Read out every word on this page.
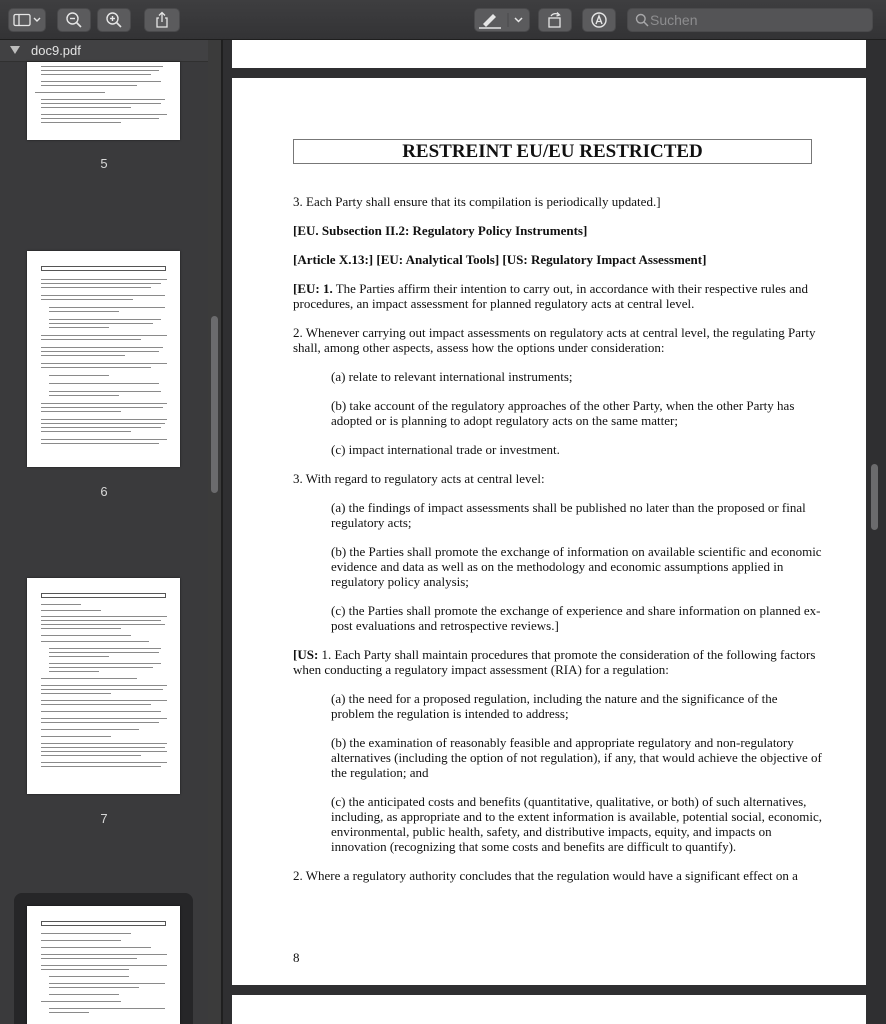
Suchen
doc9.pdf
5
6
7
RESTREINT EU/EU RESTRICTED

3. Each Party shall ensure that its compilation is periodically updated.]

[EU. Subsection II.2: Regulatory Policy Instruments]

[Article X.13:] [EU: Analytical Tools] [US: Regulatory Impact Assessment]

[EU: 1. The Parties affirm their intention to carry out, in accordance with their respective rules and procedures, an impact assessment for planned regulatory acts at central level.

2. Whenever carrying out impact assessments on regulatory acts at central level, the regulating Party shall, among other aspects, assess how the options under consideration:

(a) relate to relevant international instruments;

(b) take account of the regulatory approaches of the other Party, when the other Party has adopted or is planning to adopt regulatory acts on the same matter;

(c) impact international trade or investment.

3. With regard to regulatory acts at central level:

(a) the findings of impact assessments shall be published no later than the proposed or final regulatory acts;

(b) the Parties shall promote the exchange of information on available scientific and economic evidence and data as well as on the methodology and economic assumptions applied in regulatory policy analysis;

(c) the Parties shall promote the exchange of experience and share information on planned ex-post evaluations and retrospective reviews.]

[US: 1. Each Party shall maintain procedures that promote the consideration of the following factors when conducting a regulatory impact assessment (RIA) for a regulation:

(a) the need for a proposed regulation, including the nature and the significance of the problem the regulation is intended to address;

(b) the examination of reasonably feasible and appropriate regulatory and non-regulatory alternatives (including the option of not regulation), if any, that would achieve the objective of the regulation; and

(c) the anticipated costs and benefits (quantitative, qualitative, or both) of such alternatives, including, as appropriate and to the extent information is available, potential social, economic, environmental, public health, safety, and distributive impacts, equity, and impacts on innovation (recognizing that some costs and benefits are difficult to quantify).

2. Where a regulatory authority concludes that the regulation would have a significant effect on a

8
